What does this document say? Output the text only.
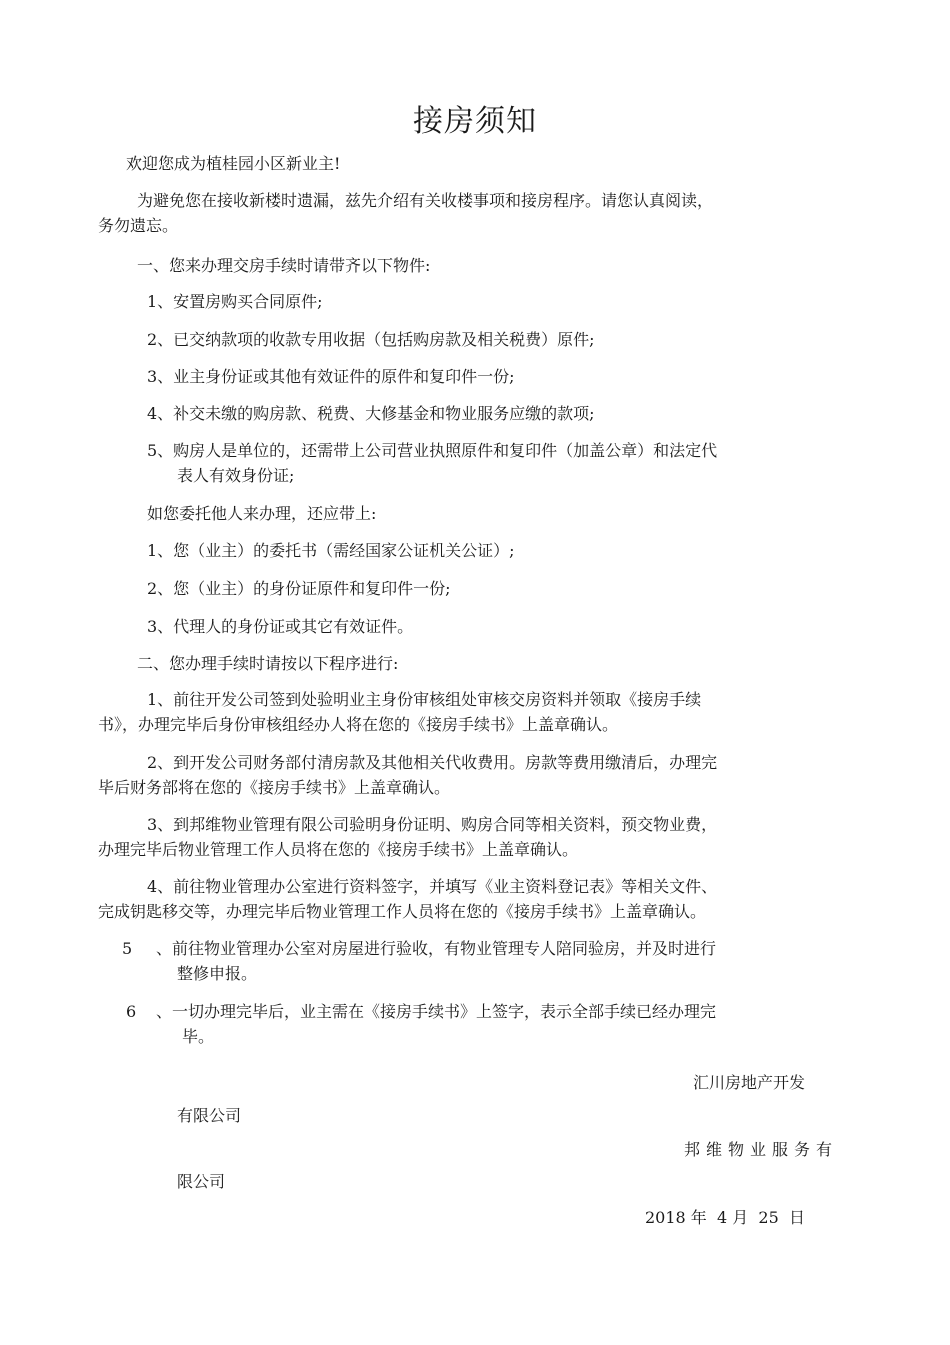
接房须知
欢迎您成为植桂园小区新业主!
为避免您在接收新楼时遗漏，兹先介绍有关收楼事项和接房程序。请您认真阅读，
务勿遗忘。
一、您来办理交房手续时请带齐以下物件:
1、安置房购买合同原件;
2、已交纳款项的收款专用收据（包括购房款及相关税费）原件;
3、业主身份证或其他有效证件的原件和复印件一份;
4、补交未缴的购房款、税费、大修基金和物业服务应缴的款项;
5、购房人是单位的，还需带上公司营业执照原件和复印件（加盖公章）和法定代
表人有效身份证;
如您委托他人来办理，还应带上:
1、您（业主）的委托书（需经国家公证机关公证）;
2、您（业主）的身份证原件和复印件一份;
3、代理人的身份证或其它有效证件。
二、您办理手续时请按以下程序进行:
1、前往开发公司签到处验明业主身份审核组处审核交房资料并领取《接房手续
书》，办理完毕后身份审核组经办人将在您的《接房手续书》上盖章确认。
2、到开发公司财务部付清房款及其他相关代收费用。房款等费用缴清后，办理完
毕后财务部将在您的《接房手续书》上盖章确认。
3、到邦维物业管理有限公司验明身份证明、购房合同等相关资料，预交物业费，
办理完毕后物业管理工作人员将在您的《接房手续书》上盖章确认。
4、前往物业管理办公室进行资料签字，并填写《业主资料登记表》等相关文件、
完成钥匙移交等，办理完毕后物业管理工作人员将在您的《接房手续书》上盖章确认。
5 、前往物业管理办公室对房屋进行验收，有物业管理专人陪同验房，并及时进行
整修申报。
6 、一切办理完毕后，业主需在《接房手续书》上签字，表示全部手续已经办理完
毕。
汇川房地产开发
有限公司
邦维物业服务有
限公司
2018 年  4 月  25  日
